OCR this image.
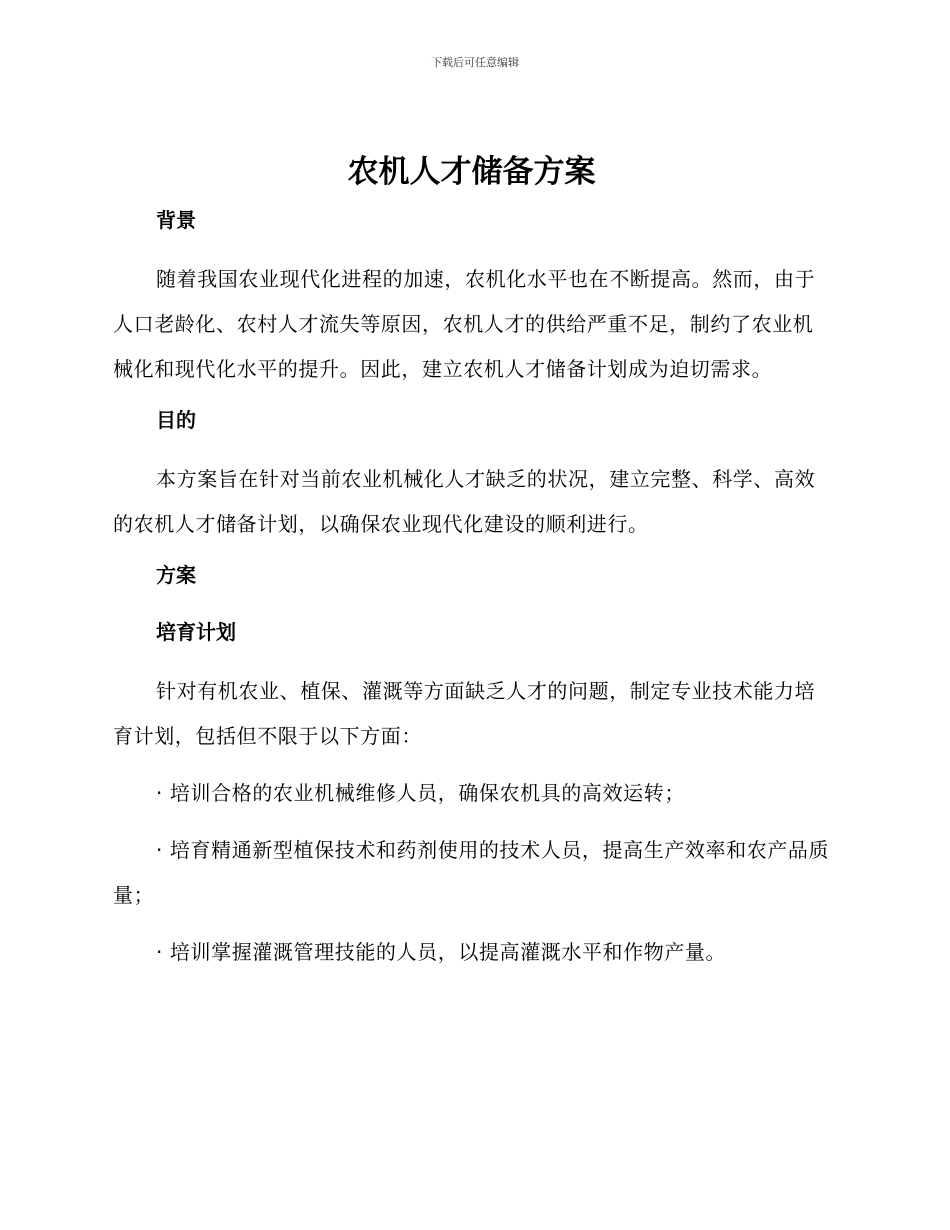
下载后可任意编辑
农机人才储备方案
背景

随着我国农业现代化进程的加速，农机化水平也在不断提高。然而，由于人口老龄化、农村人才流失等原因，农机人才的供给严重不足，制约了农业机械化和现代化水平的提升。因此，建立农机人才储备计划成为迫切需求。

目的

本方案旨在针对当前农业机械化人才缺乏的状况，建立完整、科学、高效的农机人才储备计划，以确保农业现代化建设的顺利进行。

方案
培育计划

针对有机农业、植保、灌溉等方面缺乏人才的问题，制定专业技术能力培育计划，包括但不限于以下方面：

· 培训合格的农业机械维修人员，确保农机具的高效运转；

· 培育精通新型植保技术和药剂使用的技术人员，提高生产效率和农产品质量；

· 培训掌握灌溉管理技能的人员，以提高灌溉水平和作物产量。
